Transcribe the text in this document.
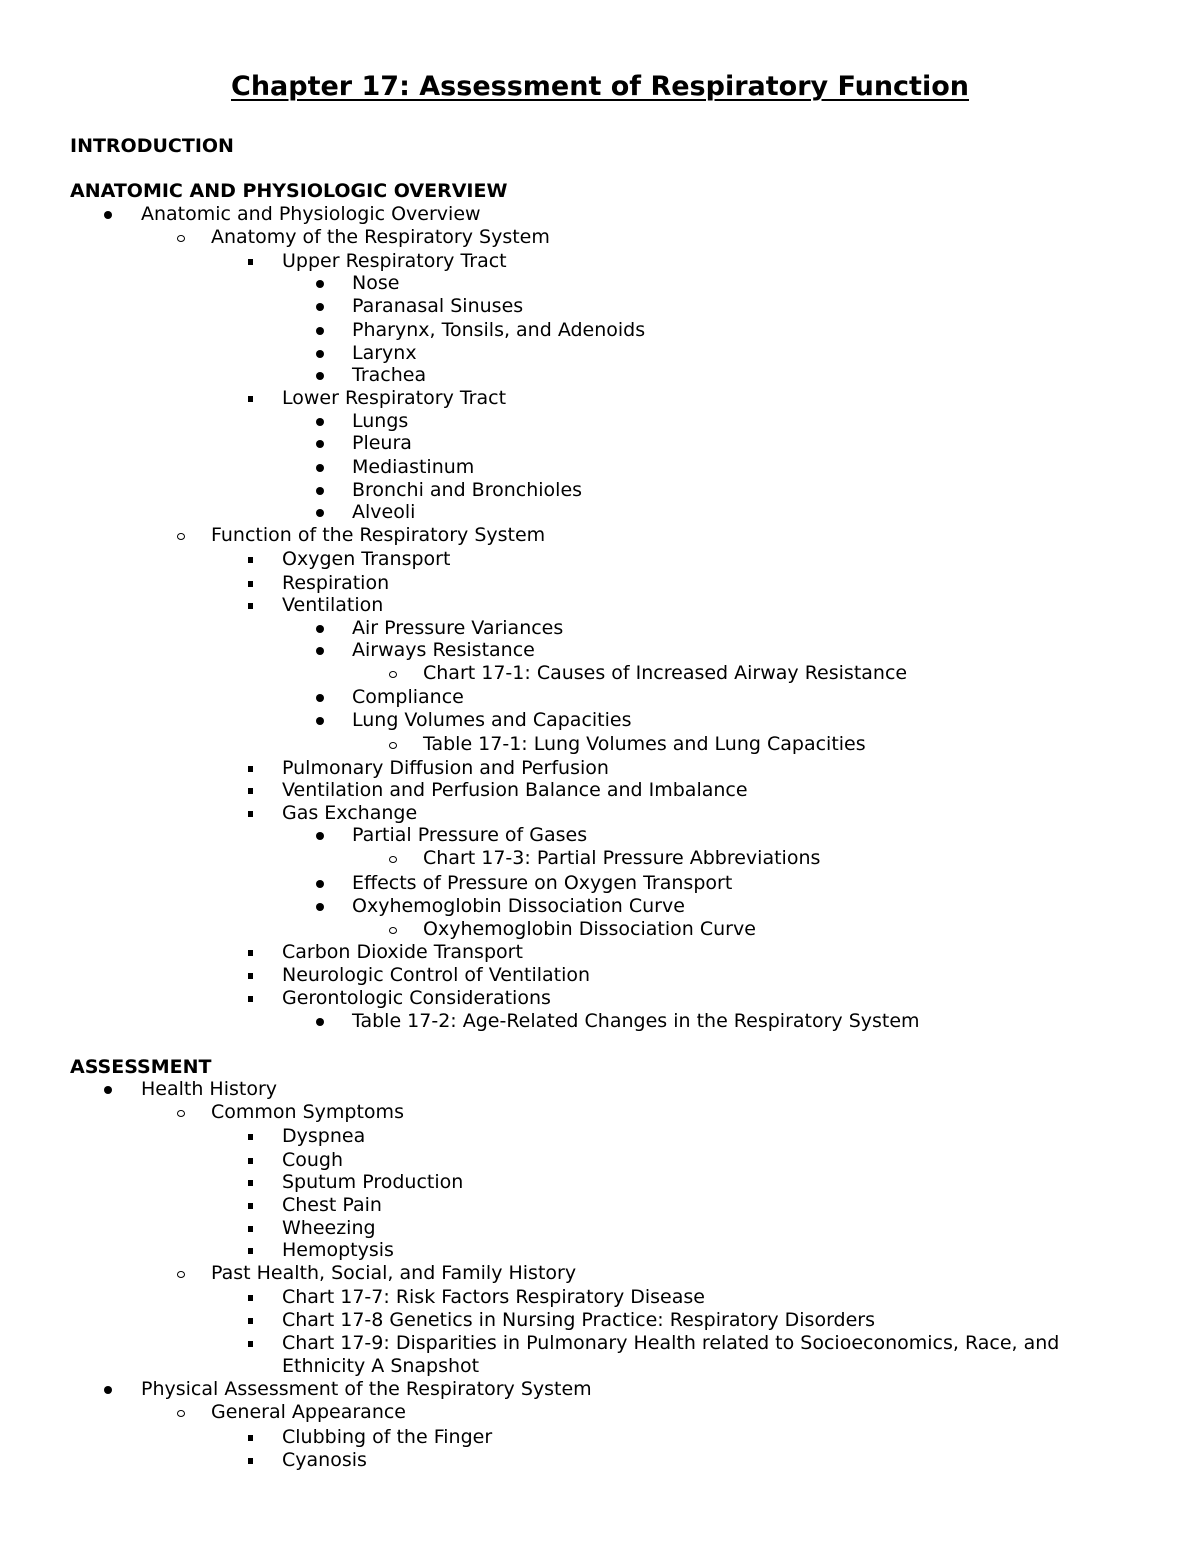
Chapter 17: Assessment of Respiratory Function
INTRODUCTION
ANATOMIC AND PHYSIOLOGIC OVERVIEW
Anatomic and Physiologic Overview
Anatomy of the Respiratory System
Upper Respiratory Tract
Nose
Paranasal Sinuses
Pharynx, Tonsils, and Adenoids
Larynx
Trachea
Lower Respiratory Tract
Lungs
Pleura
Mediastinum
Bronchi and Bronchioles
Alveoli
Function of the Respiratory System
Oxygen Transport
Respiration
Ventilation
Air Pressure Variances
Airways Resistance
Chart 17-1: Causes of Increased Airway Resistance
Compliance
Lung Volumes and Capacities
Table 17-1: Lung Volumes and Lung Capacities
Pulmonary Diffusion and Perfusion
Ventilation and Perfusion Balance and Imbalance
Gas Exchange
Partial Pressure of Gases
Chart 17-3: Partial Pressure Abbreviations
Effects of Pressure on Oxygen Transport
Oxyhemoglobin Dissociation Curve
Oxyhemoglobin Dissociation Curve
Carbon Dioxide Transport
Neurologic Control of Ventilation
Gerontologic Considerations
Table 17-2: Age-Related Changes in the Respiratory System
ASSESSMENT
Health History
Common Symptoms
Dyspnea
Cough
Sputum Production
Chest Pain
Wheezing
Hemoptysis
Past Health, Social, and Family History
Chart 17-7: Risk Factors Respiratory Disease
Chart 17-8 Genetics in Nursing Practice: Respiratory Disorders
Chart 17-9: Disparities in Pulmonary Health related to Socioeconomics, Race, and
Ethnicity A Snapshot
Physical Assessment of the Respiratory System
General Appearance
Clubbing of the Finger
Cyanosis
